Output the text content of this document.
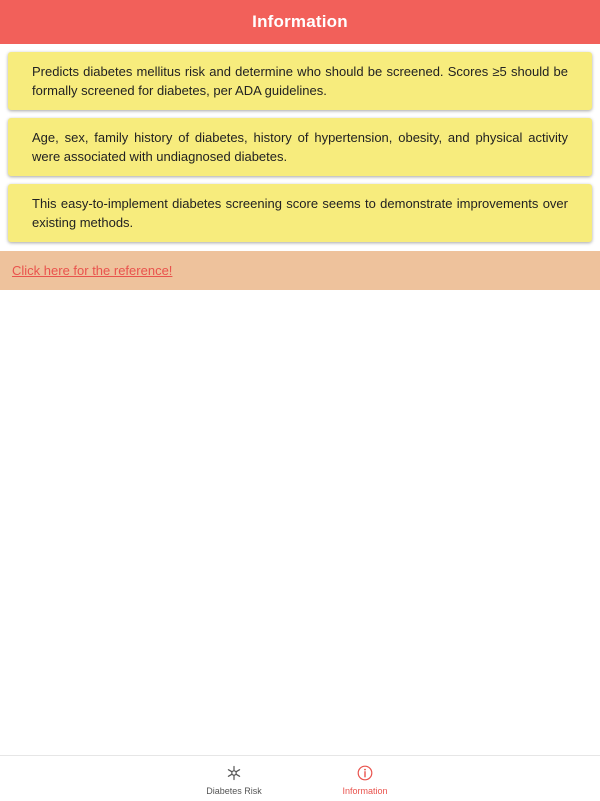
Information
Predicts diabetes mellitus risk and determine who should be screened. Scores ≥5 should be formally screened for diabetes, per ADA guidelines.
Age, sex, family history of diabetes, history of hypertension, obesity, and physical activity were associated with undiagnosed diabetes.
This easy-to-implement diabetes screening score seems to demonstrate improvements over existing methods.
Click here for the reference!
Diabetes Risk	Information
